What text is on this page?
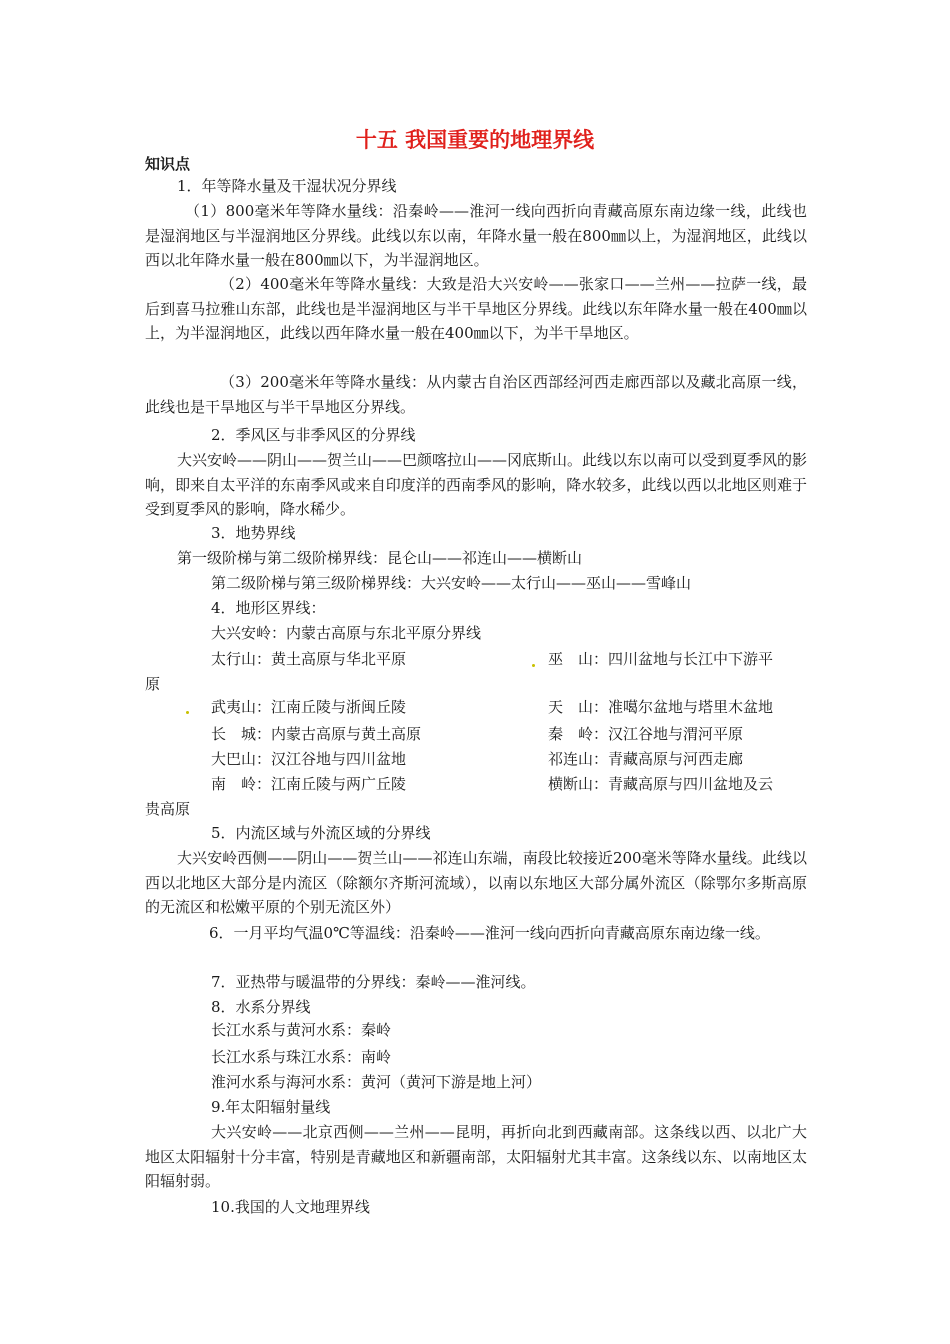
十五 我国重要的地理界线
知识点
1．年等降水量及干湿状况分界线
（1）800毫米年等降水量线：沿秦岭——淮河一线向西折向青藏高原东南边缘一线，此线也是湿润地区与半湿润地区分界线。此线以东以南，年降水量一般在800㎜以上，为湿润地区，此线以西以北年降水量一般在800㎜以下，为半湿润地区。
（2）400毫米年等降水量线：大致是沿大兴安岭——张家口——兰州——拉萨一线，最后到喜马拉雅山东部，此线也是半湿润地区与半干旱地区分界线。此线以东年降水量一般在400㎜以上，为半湿润地区，此线以西年降水量一般在400㎜以下，为半干旱地区。
（3）200毫米年等降水量线：从内蒙古自治区西部经河西走廊西部以及藏北高原一线，此线也是干旱地区与半干旱地区分界线。
2．季风区与非季风区的分界线
大兴安岭——阴山——贺兰山——巴颜喀拉山——冈底斯山。此线以东以南可以受到夏季风的影响，即来自太平洋的东南季风或来自印度洋的西南季风的影响，降水较多，此线以西以北地区则难于受到夏季风的影响，降水稀少。
3．地势界线
第一级阶梯与第二级阶梯界线：昆仑山——祁连山——横断山
第二级阶梯与第三级阶梯界线：大兴安岭——太行山——巫山——雪峰山
4．地形区界线：
大兴安岭：内蒙古高原与东北平原分界线
太行山：黄土高原与华北平原	巫　山：四川盆地与长江中下游平
原
武夷山：江南丘陵与浙闽丘陵	天　山：准噶尔盆地与塔里木盆地
长　城：内蒙古高原与黄土高原	秦　岭：汉江谷地与渭河平原
大巴山：汉江谷地与四川盆地	祁连山：青藏高原与河西走廊
南　岭：江南丘陵与两广丘陵	横断山：青藏高原与四川盆地及云
贵高原
5．内流区域与外流区域的分界线
大兴安岭西侧——阴山——贺兰山——祁连山东端，南段比较接近200毫米等降水量线。此线以西以北地区大部分是内流区（除额尔齐斯河流域），以南以东地区大部分属外流区（除鄂尔多斯高原的无流区和松嫩平原的个别无流区外）
6．一月平均气温0℃等温线：沿秦岭——淮河一线向西折向青藏高原东南边缘一线。
7．亚热带与暖温带的分界线：秦岭——淮河线。
8．水系分界线
长江水系与黄河水系：秦岭
长江水系与珠江水系：南岭
淮河水系与海河水系：黄河（黄河下游是地上河）
9.年太阳辐射量线
大兴安岭——北京西侧——兰州——昆明，再折向北到西藏南部。这条线以西、以北广大地区太阳辐射十分丰富，特别是青藏地区和新疆南部，太阳辐射尤其丰富。这条线以东、以南地区太阳辐射弱。
10.我国的人文地理界线
